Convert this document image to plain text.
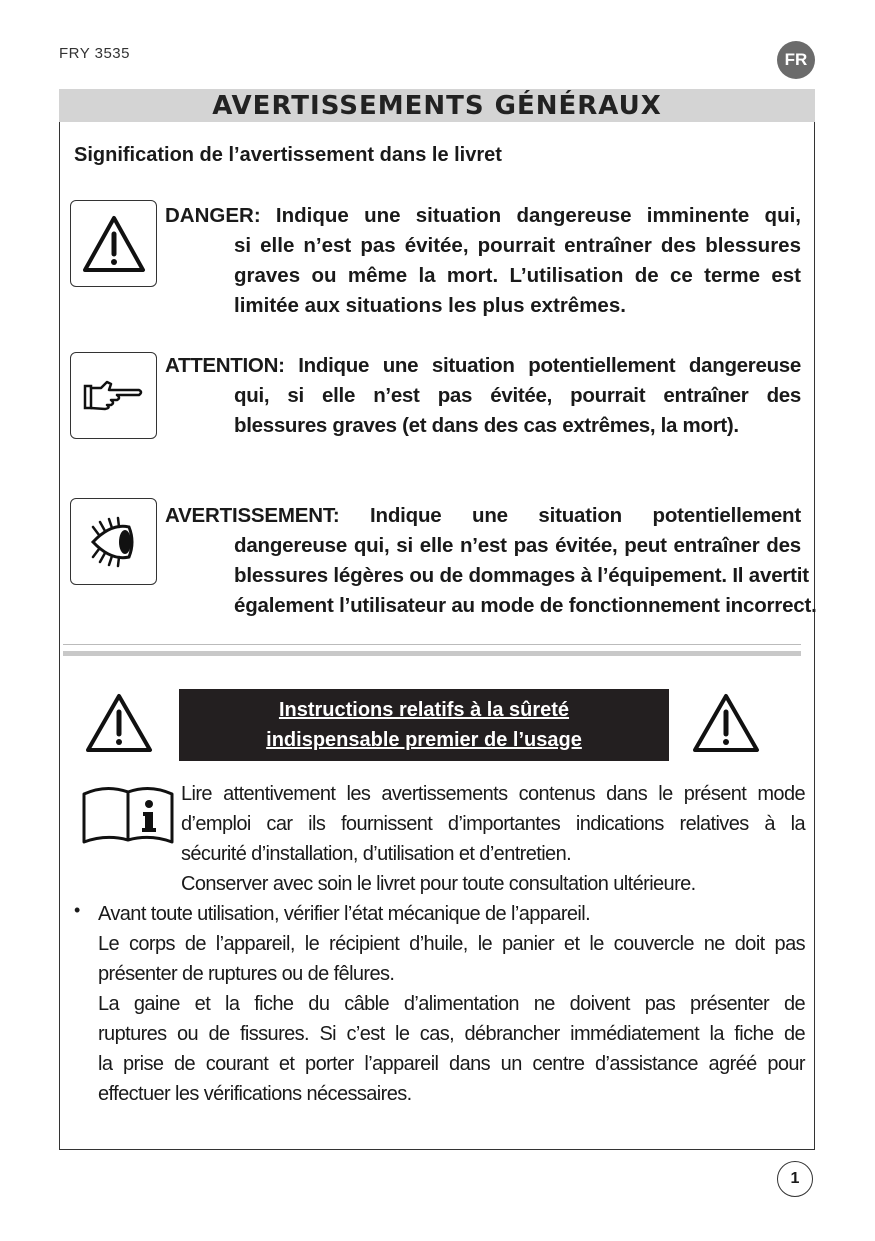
FRY 3535	FR
AVERTISSEMENTS GÉNÉRAUX
Signification de l’avertissement dans le livret
DANGER: Indique une situation dangereuse imminente qui,
si elle n’est pas évitée, pourrait entraîner des blessures
graves ou même la mort. L’utilisation de ce terme est
limitée aux situations les plus extrêmes.
ATTENTION: Indique une situation potentiellement dangereuse
qui, si elle n’est pas évitée, pourrait entraîner des
blessures graves (et dans des cas extrêmes, la mort).
AVERTISSEMENT: Indique une situation potentiellement
dangereuse qui, si elle n’est pas évitée, peut entraîner des
blessures légères ou de dommages à l’équipement. Il avertit
également l’utilisateur au mode de fonctionnement incorrect.
Instructions relatifs à la sûreté
indispensable premier de l’usage
Lire attentivement les avertissements contenus dans le présent mode
d’emploi car ils fournissent d’importantes indications relatives à la
sécurité d’installation, d’utilisation et d’entretien.
Conserver avec soin le livret pour toute consultation ultérieure.
• Avant toute utilisation, vérifier l’état mécanique de l’appareil.
Le corps de l’appareil, le récipient d’huile, le panier et le couvercle ne doit pas
présenter de ruptures ou de fêlures.
La gaine et la fiche du câble d’alimentation ne doivent pas présenter de
ruptures ou de fissures. Si c’est le cas, débrancher immédiatement la fiche de
la prise de courant et porter l’appareil dans un centre d’assistance agréé pour
effectuer les vérifications nécessaires.
1
